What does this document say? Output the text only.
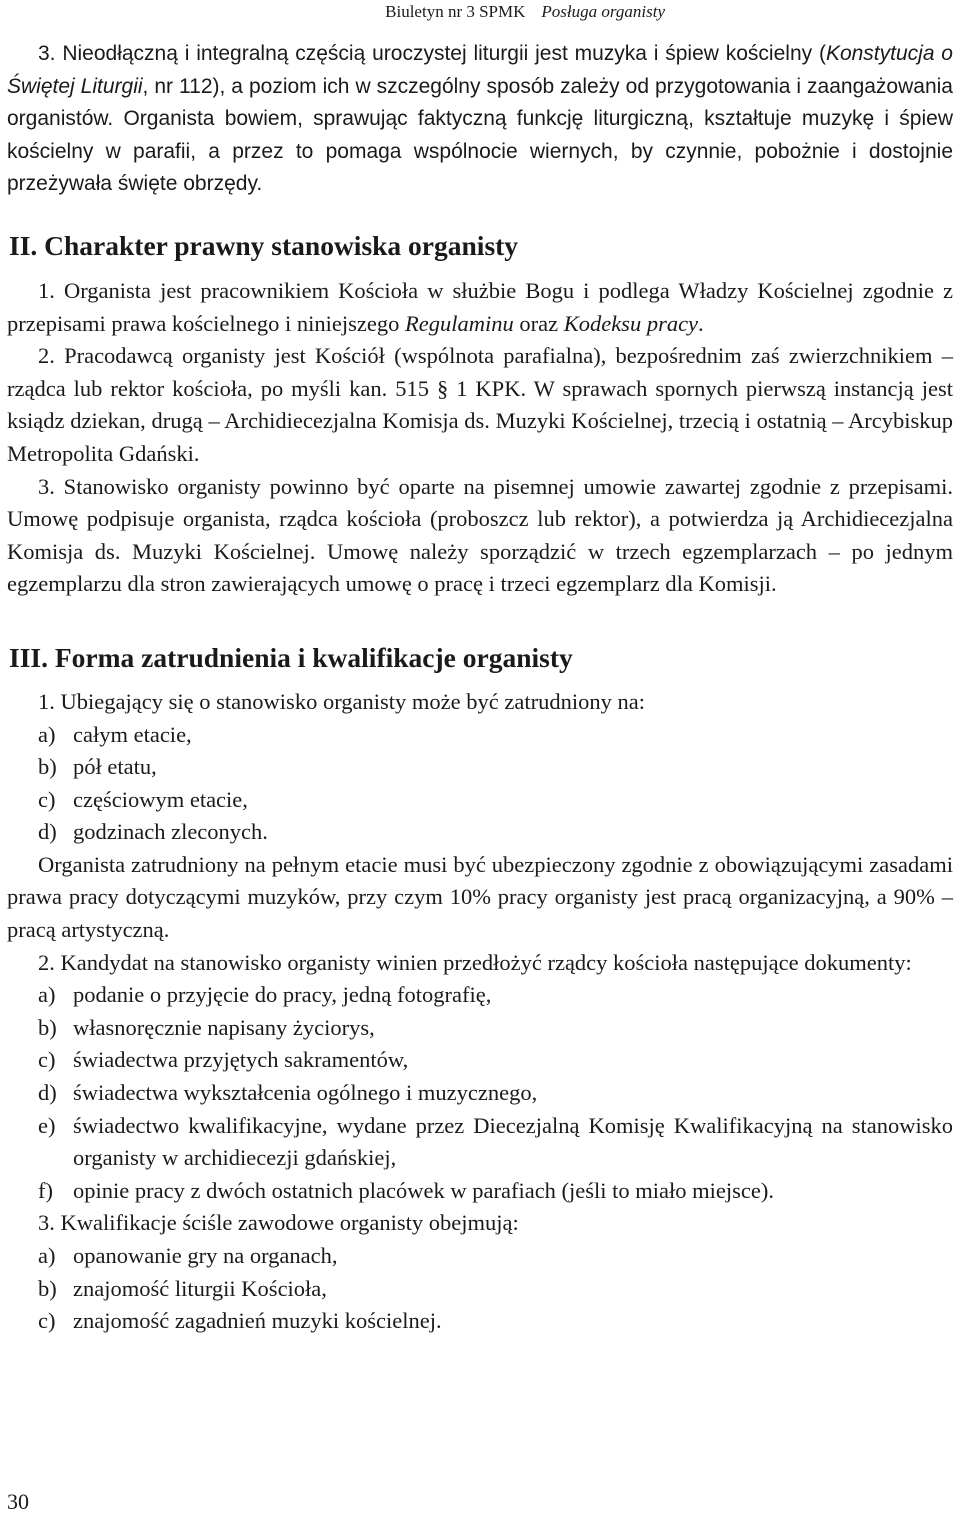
Biuletyn nr 3 SPMK Posługa organisty

3. Nieodłączną i integralną częścią uroczystej liturgii jest muzyka i śpiew kościelny (Konstytucja o Świętej Liturgii, nr 112), a poziom ich w szczególny sposób zależy od przygotowania i zaangażowania organistów. Organista bowiem, sprawując faktyczną funkcję liturgiczną, kształtuje muzykę i śpiew kościelny w parafii, a przez to pomaga wspólnocie wiernych, by czynnie, pobożnie i dostojnie przeżywała święte obrzędy.

II. Charakter prawny stanowiska organisty

1. Organista jest pracownikiem Kościoła w służbie Bogu i podlega Władzy Kościelnej zgodnie z przepisami prawa kościelnego i niniejszego Regulaminu oraz Kodeksu pracy.

2. Pracodawcą organisty jest Kościół (wspólnota parafialna), bezpośrednim zaś zwierzchnikiem – rządca lub rektor kościoła, po myśli kan. 515 § 1 KPK. W sprawach spornych pierwszą instancją jest ksiądz dziekan, drugą – Archidiecezjalna Komisja ds. Muzyki Kościelnej, trzecią i ostatnią – Arcybiskup Metropolita Gdański.

3. Stanowisko organisty powinno być oparte na pisemnej umowie zawartej zgodnie z przepisami. Umowę podpisuje organista, rządca kościoła (proboszcz lub rektor), a potwierdza ją Archidiecezjalna Komisja ds. Muzyki Kościelnej. Umowę należy sporządzić w trzech egzemplarzach – po jednym egzemplarzu dla stron zawierających umowę o pracę i trzeci egzemplarz dla Komisji.

III. Forma zatrudnienia i kwalifikacje organisty

1. Ubiegający się o stanowisko organisty może być zatrudniony na:

a) całym etacie,
b) pół etatu,
c) częściowym etacie,
d) godzinach zleconych.

Organista zatrudniony na pełnym etacie musi być ubezpieczony zgodnie z obowiązującymi zasadami prawa pracy dotyczącymi muzyków, przy czym 10% pracy organisty jest pracą organizacyjną, a 90% – pracą artystyczną.

2. Kandydat na stanowisko organisty winien przedłożyć rządcy kościoła następujące dokumenty:

a) podanie o przyjęcie do pracy, jedną fotografię,
b) własnoręcznie napisany życiorys,
c) świadectwa przyjętych sakramentów,
d) świadectwa wykształcenia ogólnego i muzycznego,
e) świadectwo kwalifikacyjne, wydane przez Diecezjalną Komisję Kwalifikacyjną na stanowisko organisty w archidiecezji gdańskiej,
f) opinie pracy z dwóch ostatnich placówek w parafiach (jeśli to miało miejsce).

3. Kwalifikacje ściśle zawodowe organisty obejmują:

a) opanowanie gry na organach,
b) znajomość liturgii Kościoła,
c) znajomość zagadnień muzyki kościelnej.
30
